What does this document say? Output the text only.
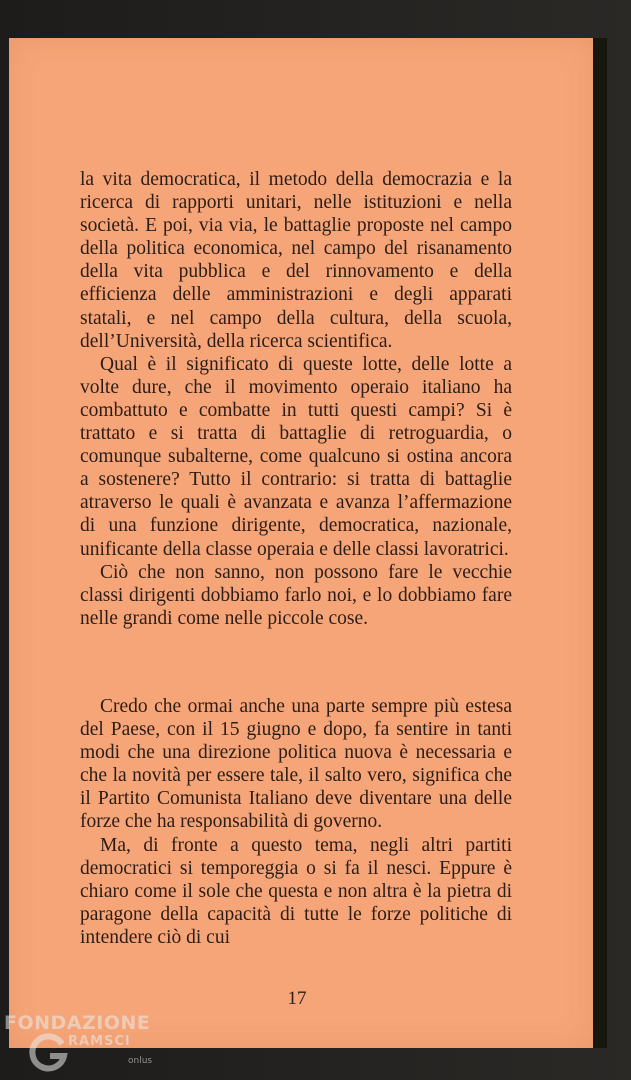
la vita democratica, il metodo della democrazia e la ricerca di rapporti unitari, nelle istituzioni e nella società. E poi, via via, le battaglie proposte nel campo della politica economica, nel campo del risanamento della vita pubblica e del rinnovamento e della efficienza delle amministrazioni e degli apparati statali, e nel campo della cultura, della scuola, dell’Università, della ricerca scientifica.

Qual è il significato di queste lotte, delle lotte a volte dure, che il movimento operaio italiano ha combattuto e combatte in tutti questi campi? Si è trattato e si tratta di battaglie di retroguardia, o comunque subalterne, come qualcuno si ostina ancora a sostenere? Tutto il contrario: si tratta di battaglie atraverso le quali è avanzata e avanza l’affermazione di una funzione dirigente, democratica, nazionale, unificante della classe operaia e delle classi lavoratrici.

Ciò che non sanno, non possono fare le vecchie classi dirigenti dobbiamo farlo noi, e lo dobbiamo fare nelle grandi come nelle piccole cose.

Credo che ormai anche una parte sempre più estesa del Paese, con il 15 giugno e dopo, fa sentire in tanti modi che una direzione politica nuova è necessaria e che la novità per essere tale, il salto vero, significa che il Partito Comunista Italiano deve diventare una delle forze che ha responsabilità di governo.

Ma, di fronte a questo tema, negli altri partiti democratici si temporeggia o si fa il nesci. Eppure è chiaro come il sole che questa e non altra è la pietra di paragone della capacità di tutte le forze politiche di intendere ciò di cui

17
FONDAZIONE
RAMSCI
onlus
